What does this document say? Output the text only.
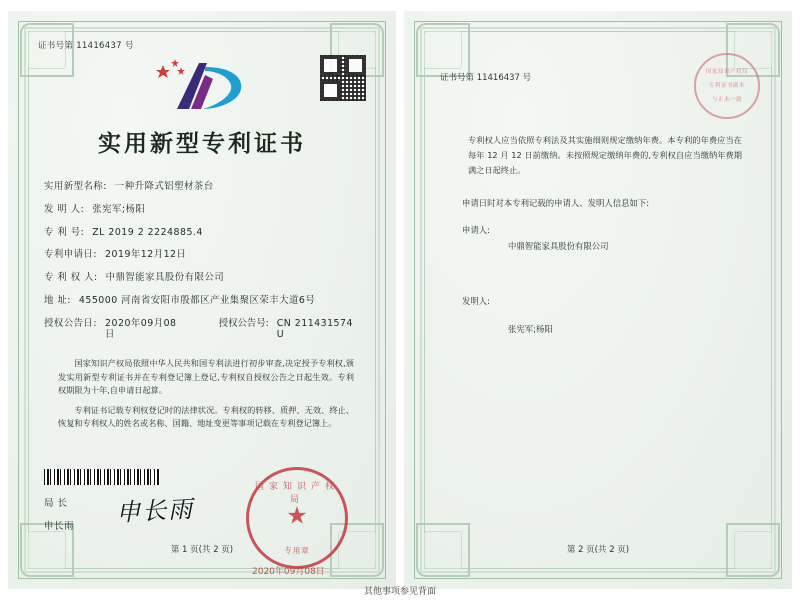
证书号第 11416437 号
实用新型专利证书
实用新型名称: 一种升降式铝塑材茶台
发 明 人: 张宪军;杨阳
专 利 号: ZL 2019 2 2224885.4
专利申请日: 2019年12月12日
专 利 权 人: 中鼎智能家具股份有限公司
地 址: 455000 河南省安阳市殷都区产业集聚区荣丰大道6号
授权公告日: 2020年09月08日
授权公告号: CN 211431574 U

国家知识产权局依照中华人民共和国专利法进行初步审查,决定授予专利权,颁发实用新型专利证书并在专利登记簿上登记,专利权自授权公告之日起生效。专利权期限为十年,自申请日起算。

专利证书记载专利权登记时的法律状况。专利权的转移、质押、无效、终止、恢复和专利权人的姓名或名称、国籍、地址变更等事项记载在专利登记簿上。

局 长
申长雨 申长雨
国家知识产权局
★
专用章
2020年09月08日
第 1 页(共 2 页)
证书号第 11416437 号
国家知识产权局
专利证书副本
与正本一致
专利权人应当依照专利法及其实施细则规定缴纳年费。本专利的年费应当在每年 12 月 12 日前缴纳。未按照规定缴纳年费的,专利权自应当缴纳年费期满之日起终止。
申请日时对本专利记载的申请人、发明人信息如下:
申请人:
中鼎智能家具股份有限公司
发明人:
张宪军;杨阳
第 2 页(共 2 页)
其他事项参见背面
